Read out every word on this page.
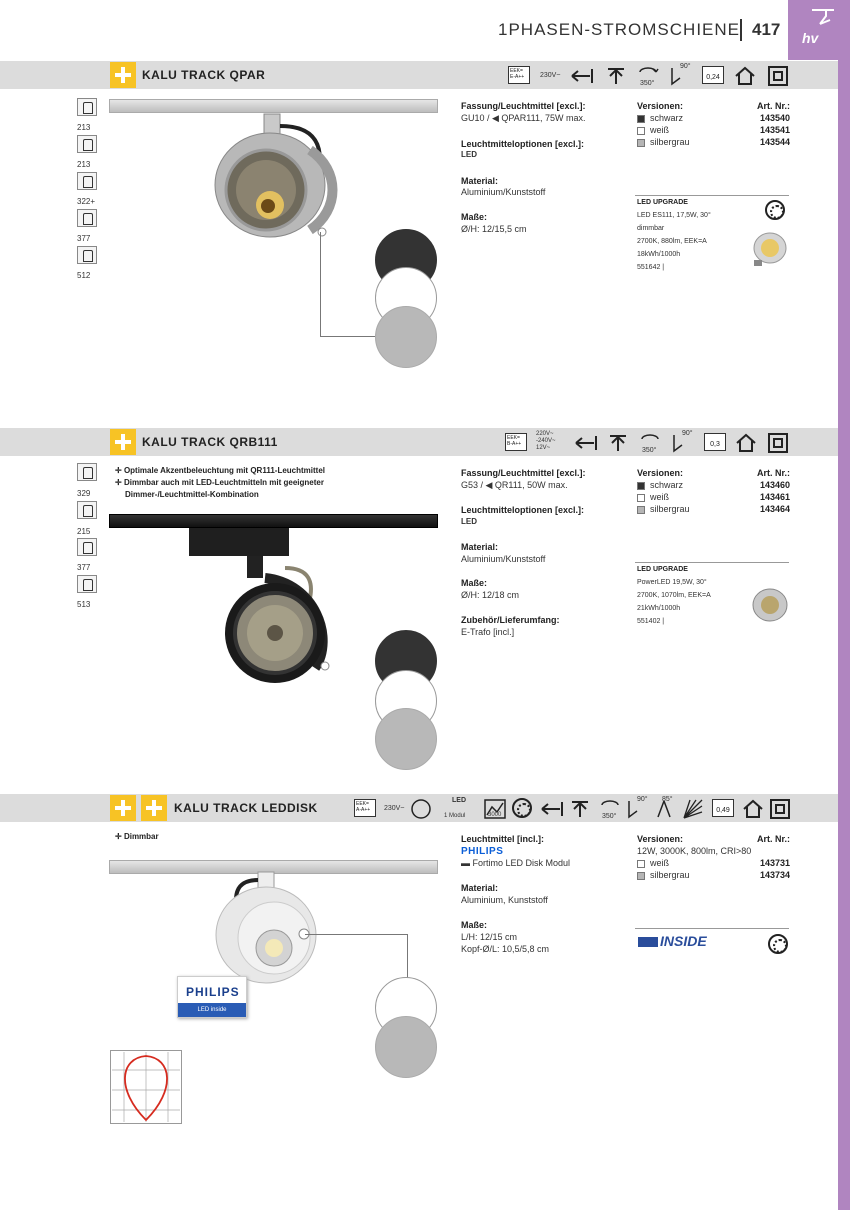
1PHASEN-STROMSCHIENE 417 hv
KALU TRACK QPAR	EEK= E-A++	230V~
350°
90°
0,24
213
213
322+
377
512
Fassung/Leuchtmittel [excl.]:
GU10 / ◀ QPAR111, 75W max.
Leuchtmitteloptionen [excl.]:
LED
Material:
Aluminium/Kunststoff
Maße:
Ø/H: 12/15,5 cm
Versionen:	Art. Nr.:
schwarz	143540
weiß	143541
silbergrau	143544
LED UPGRADE
LED ES111, 17,5W, 30°
dimmbar
2700K, 880lm, EEK=A
18kWh/1000h
551642 |
KALU TRACK QRB111	EEK= B-A++
220V~ -240V~ 12V~	350°
90°
0,3
329
215
377
513
✛ Optimale Akzentbeleuchtung mit QR111-Leuchtmittel
✛ Dimmbar auch mit LED-Leuchtmitteln mit geeigneter
Dimmer-/Leuchtmittel-Kombination
Fassung/Leuchtmittel [excl.]:
G53 / ◀ QR111, 50W max.
Leuchtmitteloptionen [excl.]:
LED
Material:
Aluminium/Kunststoff
Maße:
Ø/H: 12/18 cm
Zubehör/Lieferumfang:
E-Trafo [incl.]
Versionen:	Art. Nr.:
schwarz	143460
weiß	143461
silbergrau	143464
LED UPGRADE
PowerLED 19,5W, 30°
2700K, 1070lm, EEK=A
21kWh/1000h
551402 |
KALU TRACK LEDDISK	EEK= A-A++	230V~
LED
1 Modul	3000	350°
90° 85°
0,49
✛ Dimmbar
PHILIPS
LED inside
Leuchtmittel [incl.]:
PHILIPS
▬ Fortimo LED Disk Modul
Material:
Aluminium, Kunststoff
Maße:
L/H: 12/15 cm
Kopf-Ø/L: 10,5/5,8 cm
Versionen:	Art. Nr.:
12W, 3000K, 800lm, CRI>80
weiß	143731
silbergrau	143734
INSIDE
